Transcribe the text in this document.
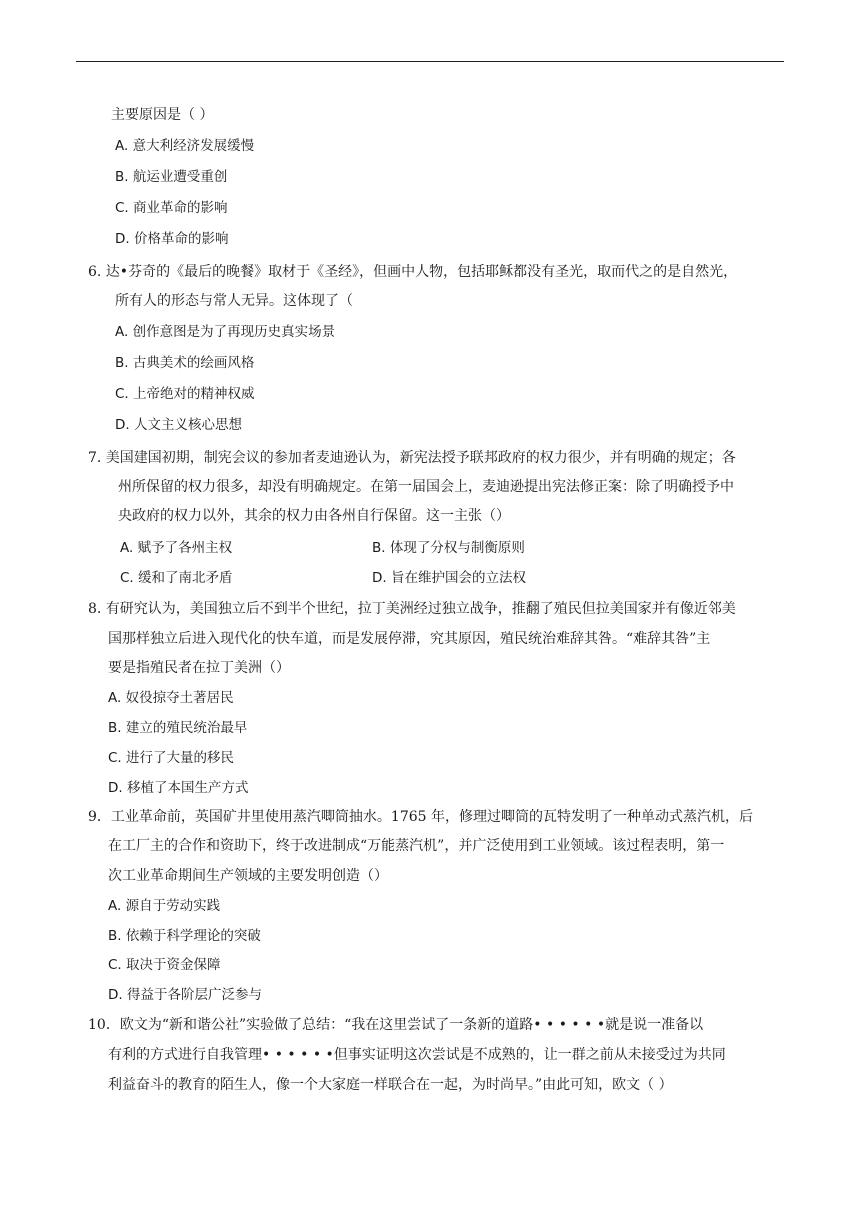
主要原因是（ ）
A. 意大利经济发展缓慢
B. 航运业遭受重创
C. 商业革命的影响
D. 价格革命的影响
6. 达•芬奇的《最后的晚餐》取材于《圣经》，但画中人物，包括耶稣都没有圣光，取而代之的是自然光，
所有人的形态与常人无异。这体现了（
A. 创作意图是为了再现历史真实场景
B. 古典美术的绘画风格
C. 上帝绝对的精神权威
D. 人文主义核心思想
7. 美国建国初期，制宪会议的参加者麦迪逊认为，新宪法授予联邦政府的权力很少，并有明确的规定；各
州所保留的权力很多，却没有明确规定。在第一届国会上，麦迪逊提出宪法修正案：除了明确授予中
央政府的权力以外，其余的权力由各州自行保留。这一主张（）
A. 赋予了各州主权	B. 体现了分权与制衡原则
C. 缓和了南北矛盾	D. 旨在维护国会的立法权
8. 有研究认为，美国独立后不到半个世纪，拉丁美洲经过独立战争，推翻了殖民但拉美国家并有像近邻美
国那样独立后进入现代化的快车道，而是发展停滞，究其原因，殖民统治难辞其咎。“难辞其咎”主
要是指殖民者在拉丁美洲（）
A. 奴役掠夺土著居民
B. 建立的殖民统治最早
C. 进行了大量的移民
D. 移植了本国生产方式
9．工业革命前，英国矿井里使用蒸汽唧筒抽水。1765 年，修理过唧筒的瓦特发明了一种单动式蒸汽机，后
在工厂主的合作和资助下，终于改进制成“万能蒸汽机”，并广泛使用到工业领域。该过程表明，第一
次工业革命期间生产领域的主要发明创造（）
A. 源自于劳动实践
B. 依赖于科学理论的突破
C. 取决于资金保障
D. 得益于各阶层广泛参与
10．欧文为“新和谐公社”实验做了总结：“我在这里尝试了一条新的道路• • • • • •就是说一准备以
有利的方式进行自我管理• • • • • •但事实证明这次尝试是不成熟的，让一群之前从未接受过为共同
利益奋斗的教育的陌生人，像一个大家庭一样联合在一起，为时尚早。”由此可知，欧文（ ）
